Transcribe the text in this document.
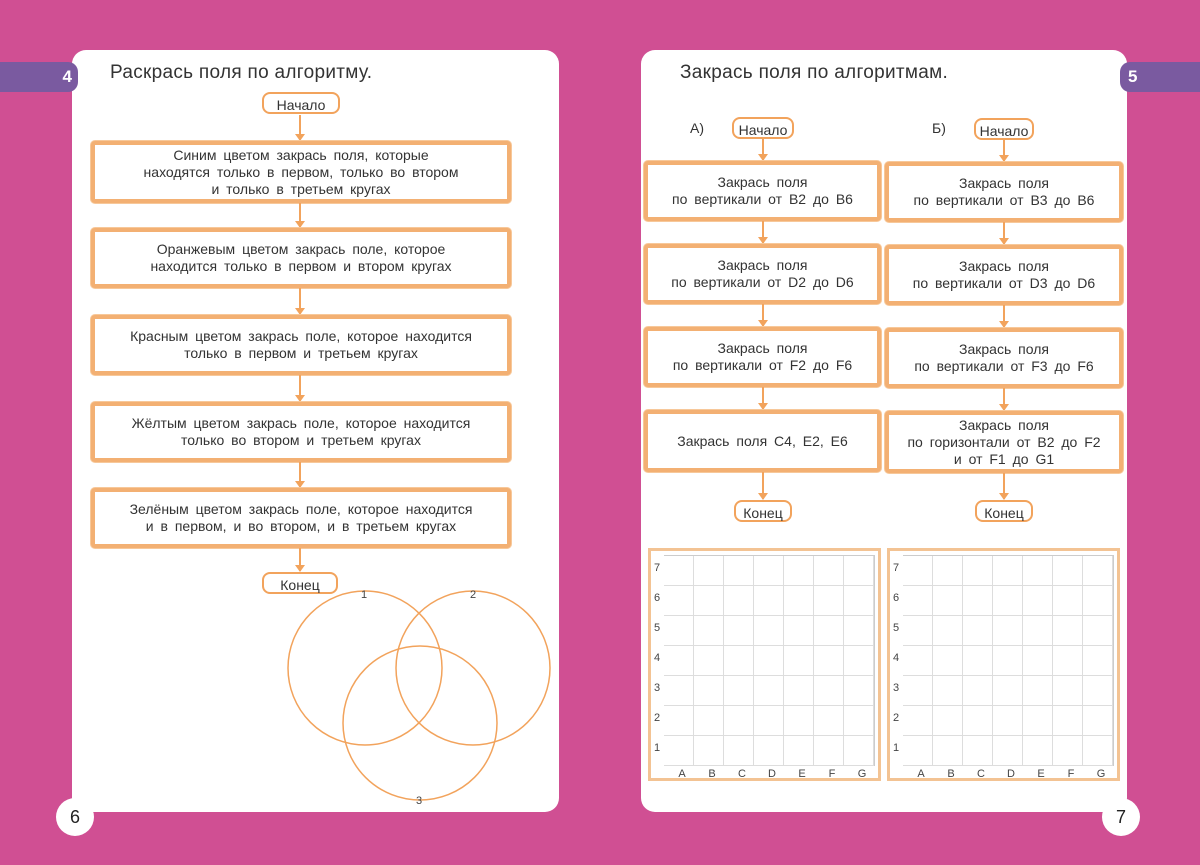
4	5
6	7
Раскрась поля по алгоритму.
Начало
Синим цветом закрась поля, которые
находятся только в первом, только во втором
и только в третьем кругах
Оранжевым цветом закрась поле, которое
находится только в первом и втором кругах
Красным цветом закрась поле, которое находится
только в первом и третьем кругах
Жёлтым цветом закрась поле, которое находится
только во втором и третьем кругах
Зелёным цветом закрась поле, которое находится
и в первом, и во втором, и в третьем кругах
Конец
1	2
3
Закрась поля по алгоритмам.
А)	Начало
Закрась поля
по вертикали от B2 до B6
Закрась поля
по вертикали от D2 до D6
Закрась поля
по вертикали от F2 до F6
Закрась поля C4, E2, E6
Конец
Б)	Начало
Закрась поля
по вертикали от B3 до B6
Закрась поля
по вертикали от D3 до D6
Закрась поля
по вертикали от F3 до F6
Закрась поля
по горизонтали от B2 до F2
и от F1 до G1
Конец
7
6
5
4
3
2
1
A	B	C	D	E	F	G
7
6
5
4
3
2
1
A	B	C	D	E	F	G
